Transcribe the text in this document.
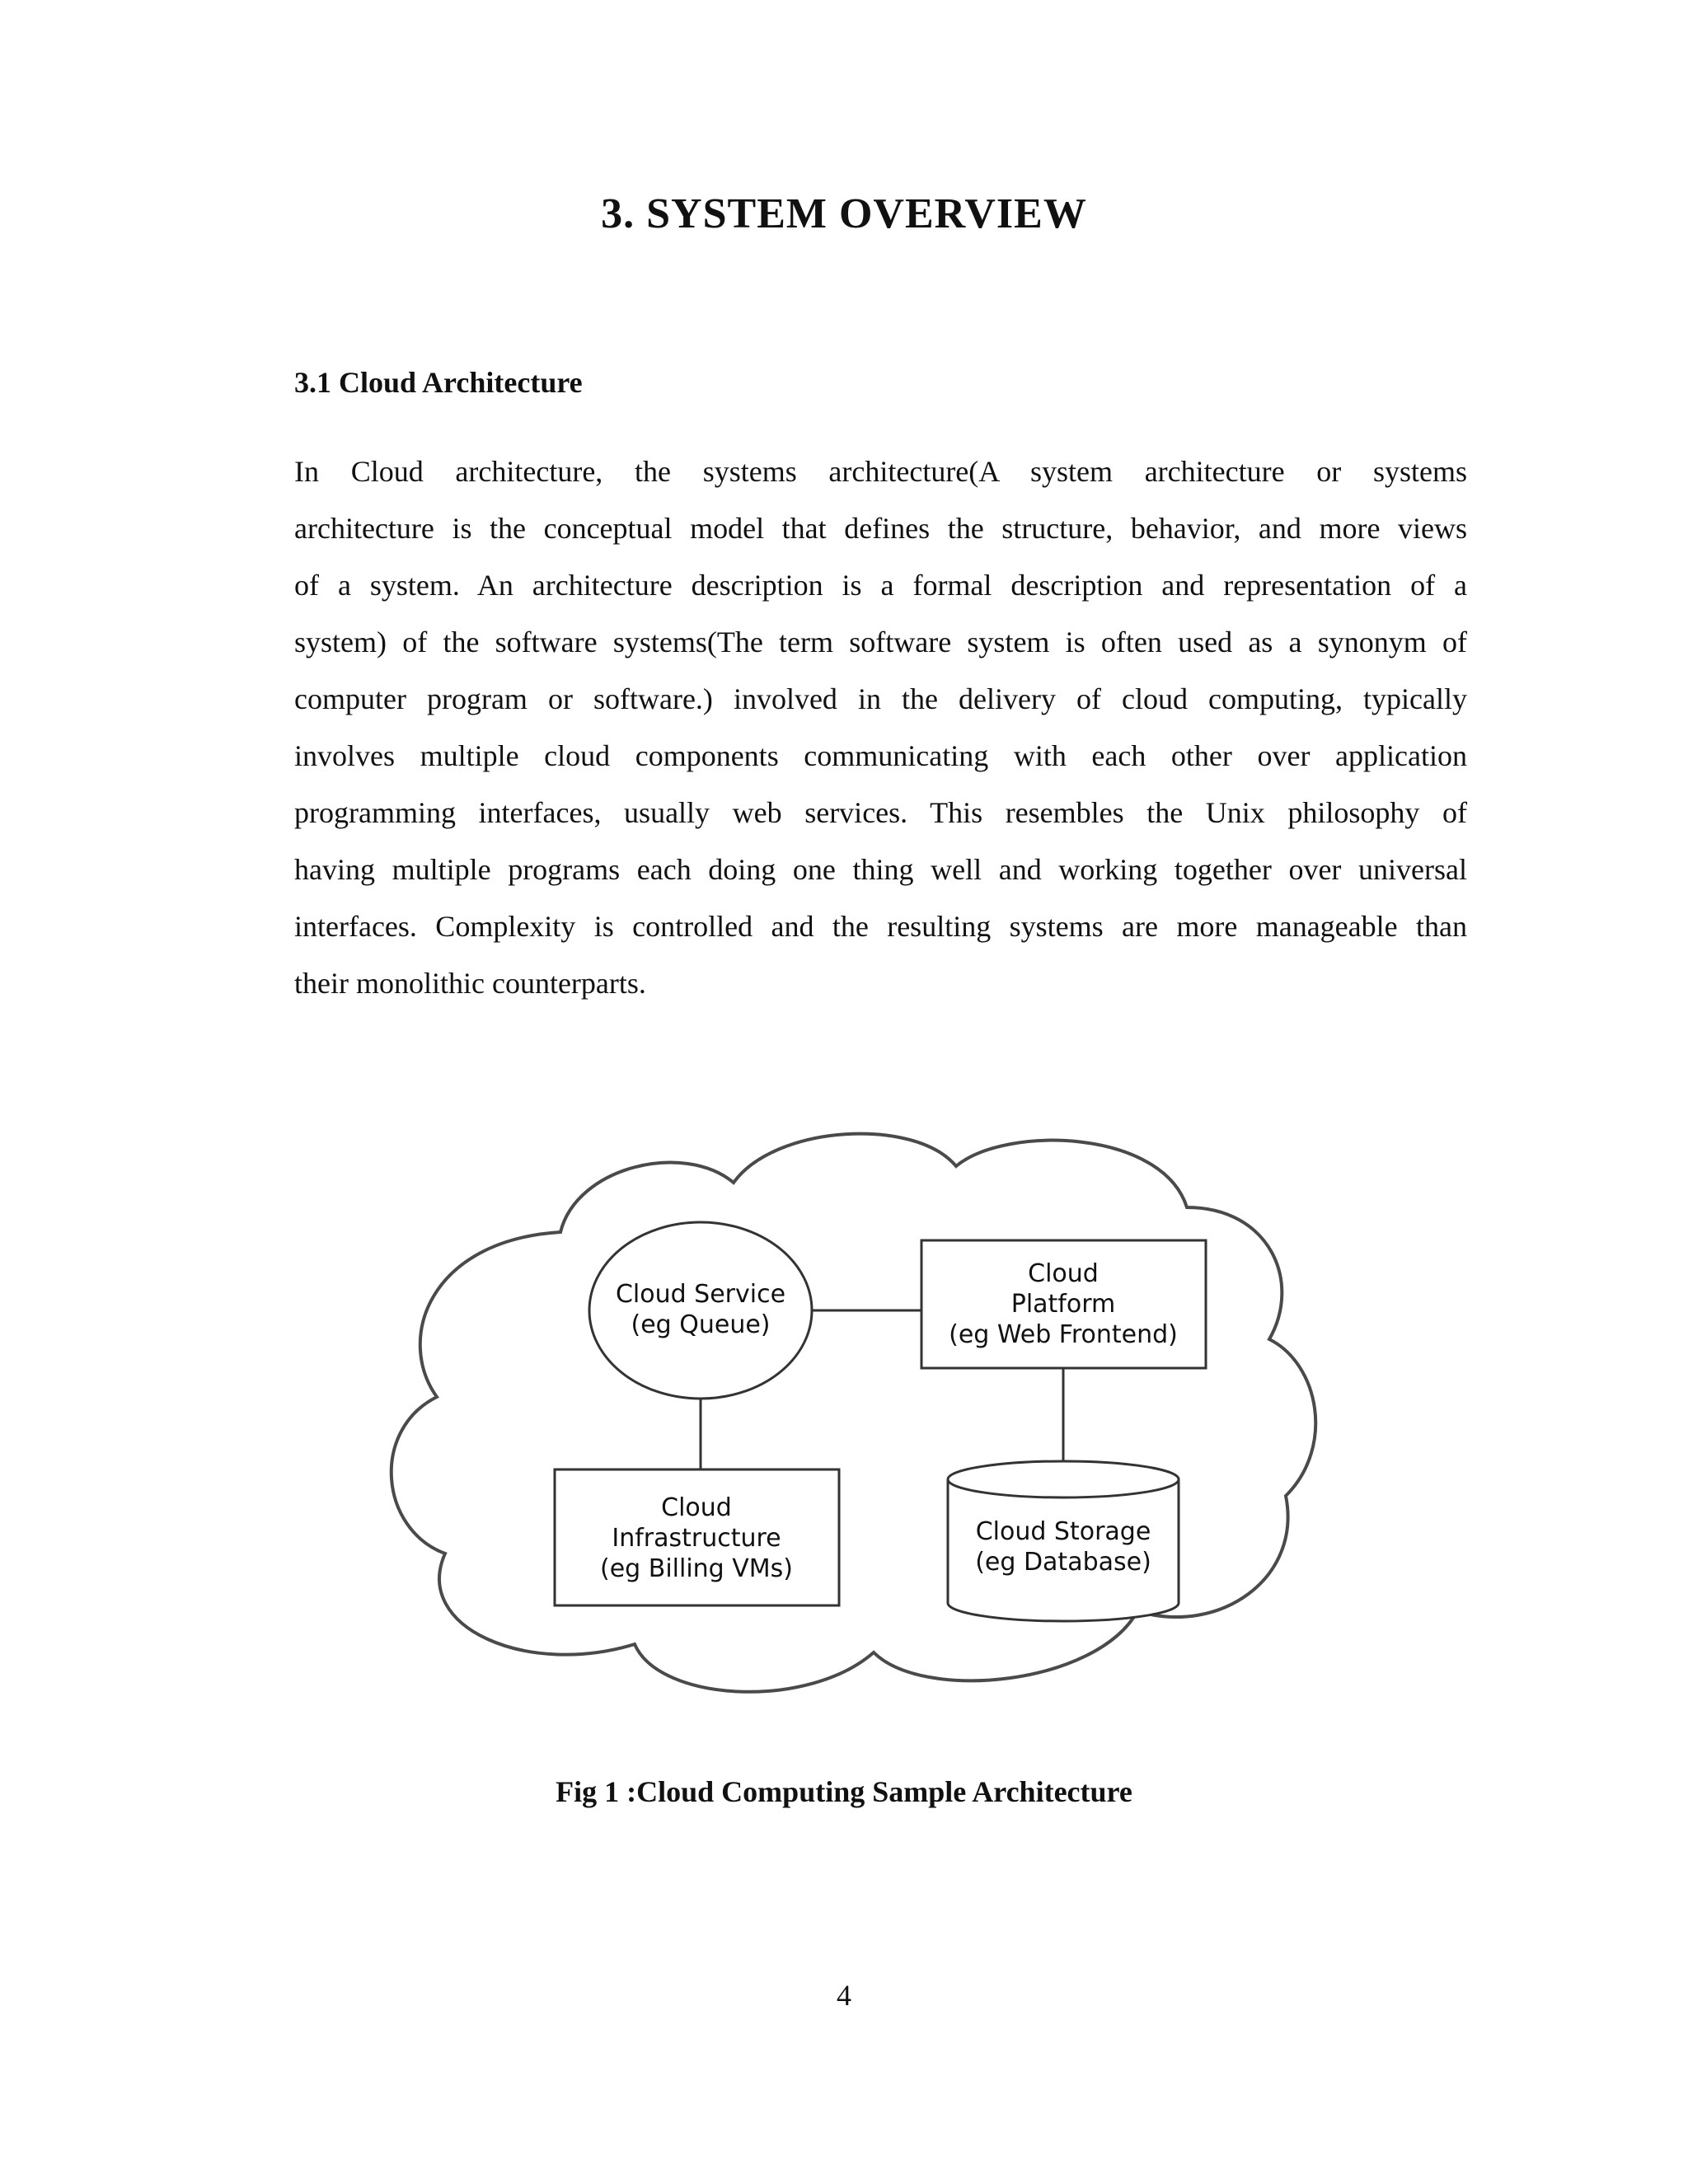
3. SYSTEM OVERVIEW
3.1 Cloud Architecture
In Cloud architecture, the systems architecture(A system architecture or systems
architecture is the conceptual model that defines the structure, behavior, and more views
of a system. An architecture description is a formal description and representation of a
system) of the software systems(The term software system is often used as a synonym of
computer program or software.) involved in the delivery of cloud computing, typically
involves multiple cloud components communicating with each other over application
programming interfaces, usually web services. This resembles the Unix philosophy of
having multiple programs each doing one thing well and working together over universal
interfaces. Complexity is controlled and the resulting systems are more manageable than
their monolithic counterparts.
Cloud Service
(eg Queue)
Cloud
Platform
(eg Web Frontend)
Cloud
Infrastructure
(eg Billing VMs)
Cloud Storage
(eg Database)

Fig 1 :Cloud Computing Sample Architecture

4
